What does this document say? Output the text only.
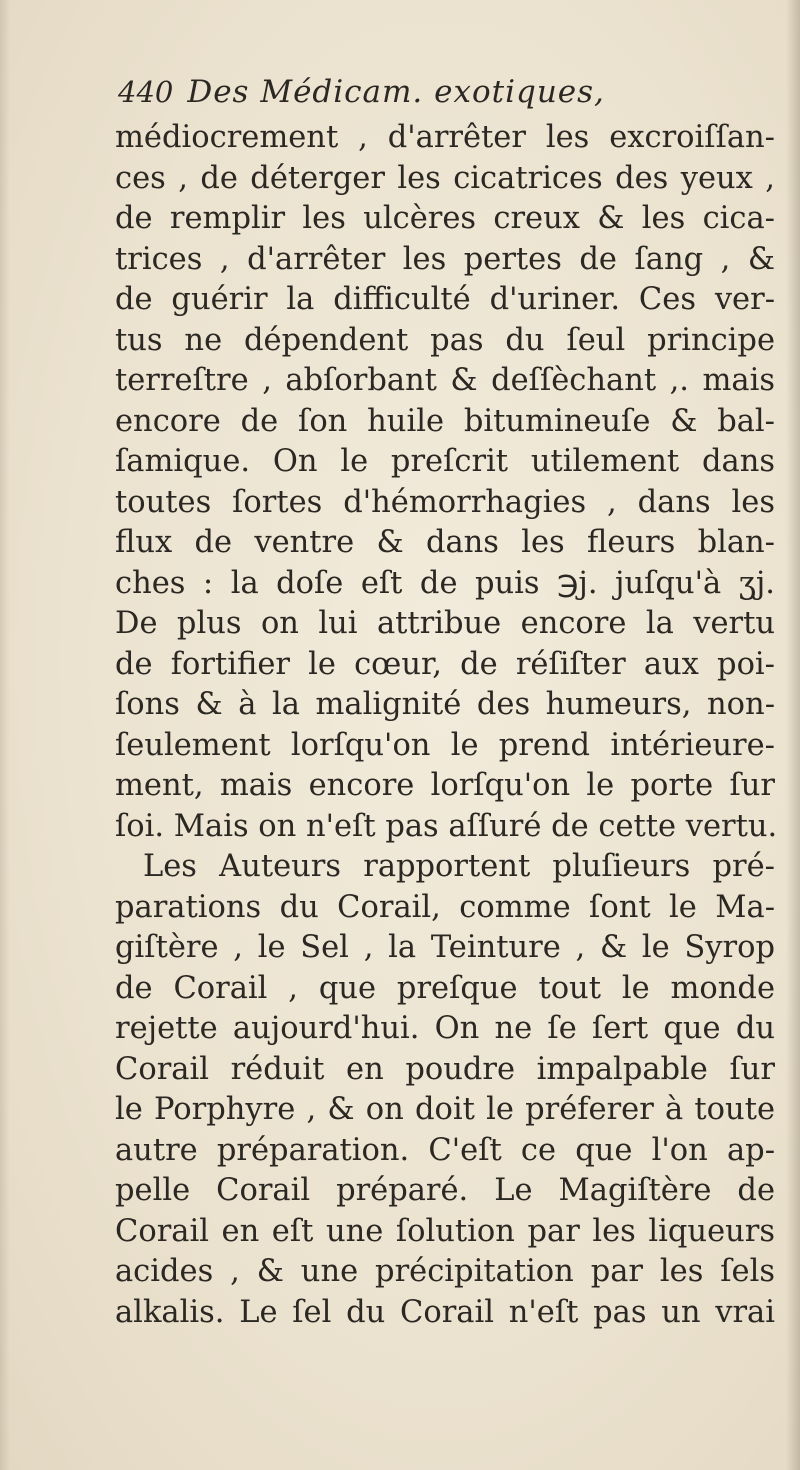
440 Des Médicam. exotiques,
médiocrement , d'arrêter les excroiſſan-
ces , de déterger les cicatrices des yeux ,
de remplir les ulcères creux & les cica-
trices , d'arrêter les pertes de ſang , &
de guérir la difficulté d'uriner. Ces ver-
tus ne dépendent pas du ſeul principe
terreſtre , abſorbant & deſſèchant ,. mais
encore de ſon huile bitumineuſe & bal-
ſamique. On le preſcrit utilement dans
toutes ſortes d'hémorrhagies , dans les
flux de ventre & dans les fleurs blan-
ches : la doſe eſt de puis ℈j. juſqu'à ʒj.
De plus on lui attribue encore la vertu
de fortifier le cœur, de réſiſter aux poi-
ſons & à la malignité des humeurs, non-
ſeulement lorſqu'on le prend intérieure-
ment, mais encore lorſqu'on le porte ſur
ſoi. Mais on n'eſt pas aſſuré de cette vertu.
Les Auteurs rapportent pluſieurs pré-
parations du Corail, comme ſont le Ma-
giſtère , le Sel , la Teinture , & le Syrop
de Corail , que preſque tout le monde
rejette aujourd'hui. On ne ſe ſert que du
Corail réduit en poudre impalpable ſur
le Porphyre , & on doit le préferer à toute
autre préparation. C'eſt ce que l'on ap-
pelle Corail préparé. Le Magiſtère de
Corail en eſt une ſolution par les liqueurs
acides , & une précipitation par les ſels
alkalis. Le ſel du Corail n'eſt pas un vrai
